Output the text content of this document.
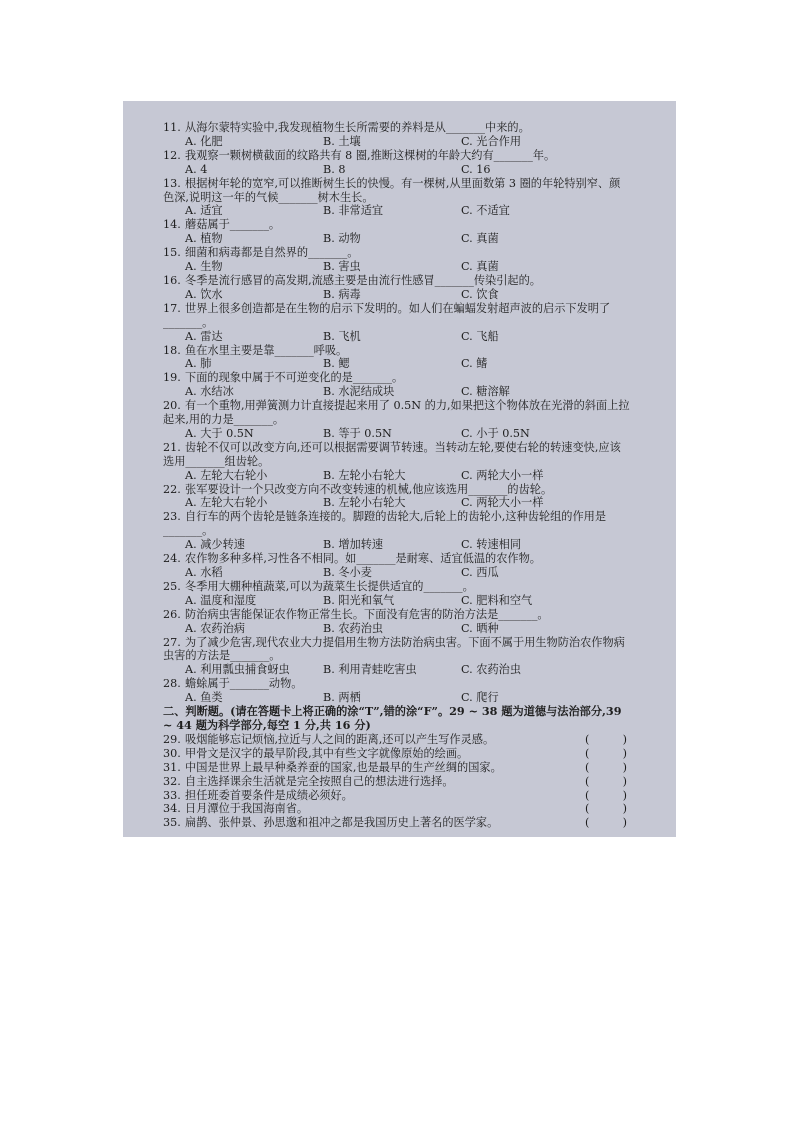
11. 从海尔蒙特实验中,我发现植物生长所需要的养料是从_______中来的。
A. 化肥	B. 土壤	C. 光合作用
12. 我观察一颗树横截面的纹路共有 8 圈,推断这棵树的年龄大约有_______年。
A. 4	B. 8	C. 16
13. 根据树年轮的宽窄,可以推断树生长的快慢。有一棵树,从里面数第 3 圈的年轮特别窄、颜色深,说明这一年的气候_______树木生长。
A. 适宜	B. 非常适宜	C. 不适宜
14. 蘑菇属于_______。
A. 植物	B. 动物	C. 真菌
15. 细菌和病毒都是自然界的_______。
A. 生物	B. 害虫	C. 真菌
16. 冬季是流行感冒的高发期,流感主要是由流行性感冒_______传染引起的。
A. 饮水	B. 病毒	C. 饮食
17. 世界上很多创造都是在生物的启示下发明的。如人们在蝙蝠发射超声波的启示下发明了_______。
A. 雷达	B. 飞机	C. 飞船
18. 鱼在水里主要是靠_______呼吸。
A. 肺	B. 鳃	C. 鳍
19. 下面的现象中属于不可逆变化的是_______。
A. 水结冰	B. 水泥结成块	C. 糖溶解
20. 有一个重物,用弹簧测力计直接提起来用了 0.5N 的力,如果把这个物体放在光滑的斜面上拉起来,用的力是_______。
A. 大于 0.5N	B. 等于 0.5N	C. 小于 0.5N
21. 齿轮不仅可以改变方向,还可以根据需要调节转速。当转动左轮,要使右轮的转速变快,应该选用_______组齿轮。
A. 左轮大右轮小	B. 左轮小右轮大	C. 两轮大小一样
22. 张军要设计一个只改变方向不改变转速的机械,他应该选用_______的齿轮。
A. 左轮大右轮小	B. 左轮小右轮大	C. 两轮大小一样
23. 自行车的两个齿轮是链条连接的。脚蹬的齿轮大,后轮上的齿轮小,这种齿轮组的作用是_______。
A. 减少转速	B. 增加转速	C. 转速相同
24. 农作物多种多样,习性各不相同。如_______是耐寒、适宜低温的农作物。
A. 水稻	B. 冬小麦	C. 西瓜
25. 冬季用大棚种植蔬菜,可以为蔬菜生长提供适宜的_______。
A. 温度和湿度	B. 阳光和氧气	C. 肥料和空气
26. 防治病虫害能保证农作物正常生长。下面没有危害的防治方法是_______。
A. 农药治病	B. 农药治虫	C. 晒种
27. 为了减少危害,现代农业大力提倡用生物方法防治病虫害。下面不属于用生物防治农作物病虫害的方法是_______。
A. 利用瓢虫捕食蚜虫	B. 利用青蛙吃害虫	C. 农药治虫
28. 蟾蜍属于_______动物。
A. 鱼类	B. 两栖	C. 爬行
二、判断题。(请在答题卡上将正确的涂“T”,错的涂“F”。29 ~ 38 题为道德与法治部分,39 ~ 44 题为科学部分,每空 1 分,共 16 分)
29. 吸烟能够忘记烦恼,拉近与人之间的距离,还可以产生写作灵感。	(	)
30. 甲骨文是汉字的最早阶段,其中有些文字就像原始的绘画。	(	)
31. 中国是世界上最早种桑养蚕的国家,也是最早的生产丝绸的国家。	(	)
32. 自主选择课余生活就是完全按照自己的想法进行选择。	(	)
33. 担任班委首要条件是成绩必须好。	(	)
34. 日月潭位于我国海南省。	(	)
35. 扁鹊、张仲景、孙思邈和祖冲之都是我国历史上著名的医学家。	(	)
